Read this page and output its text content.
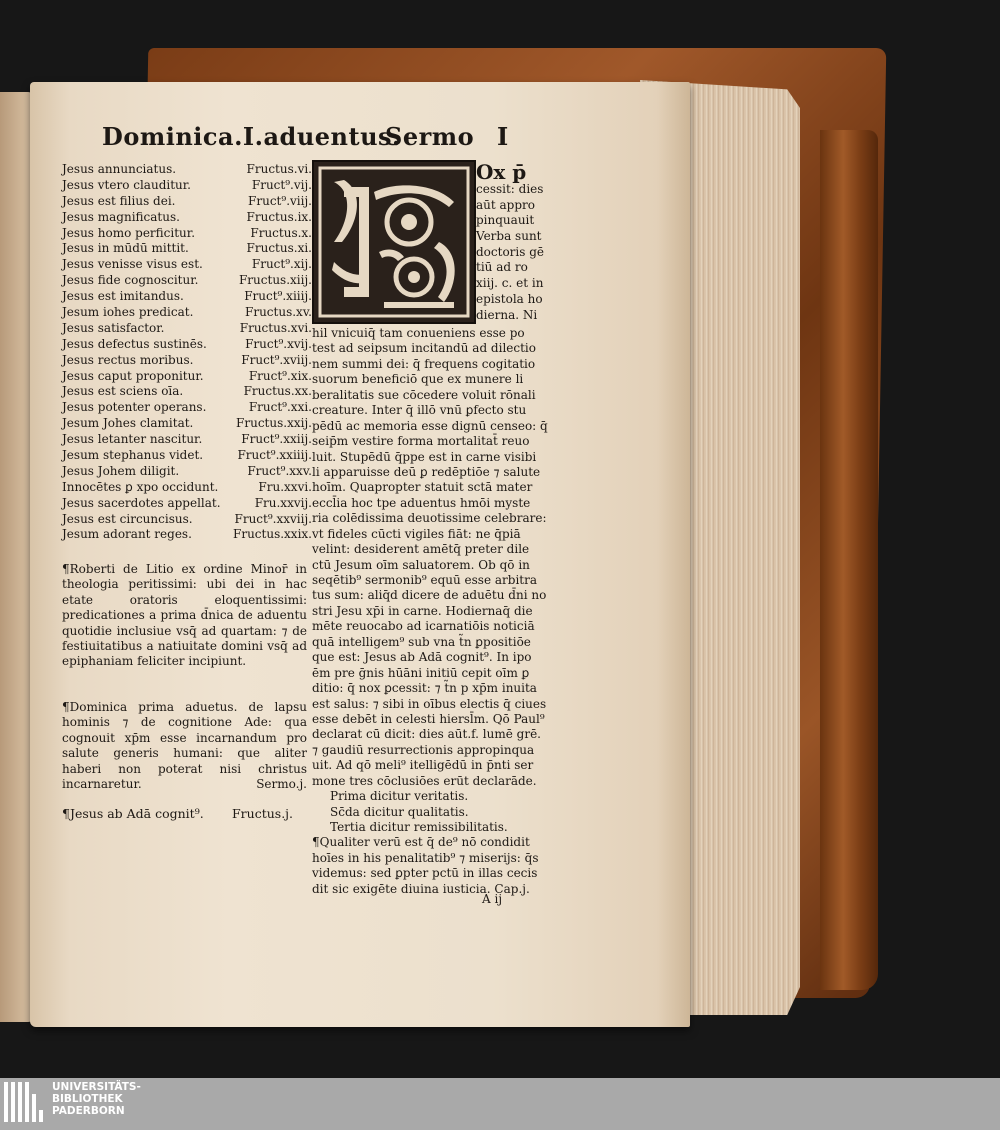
Dominica.I.aduentus.
Sermo I
Jesus annunciatus.	Fructus.vi.
Jesus vtero clauditur.	Fruct⁹.vij.
Jesus est filius dei.	Fruct⁹.viij.
Jesus magnificatus.	Fructus.ix.
Jesus homo perficitur.	Fructus.x.
Jesus in mūdū mittit.	Fructus.xi.
Jesus venisse visus est.	Fruct⁹.xij.
Jesus fide cognoscitur.	Fructus.xiij.
Jesus est imitandus.	Fruct⁹.xiiij.
Jesum iohes predicat.	Fructus.xv.
Jesus satisfactor.	Fructus.xvi.
Jesus defectus sustinēs.	Fruct⁹.xvij.
Jesus rectus moribus.	Fruct⁹.xviij.
Jesus caput proponitur.	Fruct⁹.xix.
Jesus est sciens oīa.	Fructus.xx.
Jesus potenter operans.	Fruct⁹.xxi.
Jesum Johes clamitat.	Fructus.xxij.
Jesus letanter nascitur.	Fruct⁹.xxiij.
Jesum stephanus videt.	Fruct⁹.xxiiij.
Jesus Johem diligit.	Fruct⁹.xxv.
Innocētes ꝑ xpo occidunt.	Fru.xxvi.
Jesus sacerdotes appellat.	Fru.xxvij.
Jesus est circuncisus.	Fruct⁹.xxviij.
Jesum adorant reges.	Fructus.xxix.
¶Roberti de Litio ex ordine Minor̄ in theologia peritissimi: ubi dei in hac etate oratoris eloquentissimi: predicationes a prima d̄nica de aduentu quotidie inclusiue vsq̄ ad quartam: ⁊ de festiuitatibus a natiuitate domini vsq̄ ad epiphaniam feliciter incipiunt.
¶Dominica prima aduetus. de lapsu hominis ⁊ de cognitione Ade: qua cognouit xp̄m esse incarnandum pro salute generis humani: que aliter haberi non poterat nisi christus incarnaretur.	Sermo.j.
¶Jesus ab Adā cognit⁹. Fructus.j.
Ox p̄
cessit: dies
aūt appro
pinquauit
Verba sunt
doctoris gē
tiū ad ro
xiij. c. et in
epistola ho
dierna. Ni
hil vnicuiq̄ tam conueniens esse po
test ad seipsum incitandū ad dilectio
nem summi dei: q̄ frequens cogitatio
suorum beneficiō que ex munere li
beralitatis sue cōcedere voluit rōnali
creature. Inter q̄ illō vnū ꝑfecto stu
pēdū ac memoria esse dignū censeo: q̄
seip̄m vestire forma mortalitat̄ reuo
luit. Stupēdū q̄ppe est in carne visibi
li apparuisse deū ꝑ redēptiōe ⁊ salute
hoīm. Quapropter statuit sctā mater
eccl̄ia hoc tpe aduentus hmōi myste
ria colēdissima deuotissime celebrare:
vt fideles cūcti vigiles fiāt: ne q̄piā
velint: desiderent amētq̄ preter dile
ctū Jesum oīm saluatorem. Ob qō in
seqētib⁹ sermonib⁹ equū esse arbitra
tus sum: aliq̄d dicere de aduētu d̄ni no
stri Jesu xp̄i in carne. Hodiernaq̄ die
mēte reuocabo ad icarnatiōis noticiā
quā intelligem⁹ sub vna t̃n ꝑpositiōe
que est: Jesus ab Adā cognit⁹. In ipo
ēm pre ḡnis hūāni initiū cepit oīm ꝑ
ditio: q̄ nox ꝑcessit: ⁊ t̃n p xp̄m inuita
est salus: ⁊ sibi in oībus electis q̄ ciues
esse debēt in celesti hiersl̄m. Qō Paul⁹
declarat cū dicit: dies aūt.f. lumē grē.
⁊ gaudiū resurrectionis appropinqua
uit. Ad qō meli⁹ itelligēdū in p̄nti ser
mone tres cōclusiōes erūt declarāde.
Prima dicitur veritatis.
Sc̄da dicitur qualitatis.
Tertia dicitur remissibilitatis.
¶Qualiter verū est q̄ de⁹ nō condidit
hoīes in his penalitatib⁹ ⁊ miserijs: q̄s
videmus: sed ꝑpter pctū in illas cecis
dit sic exigēte diuina iusticia. Cap.j.
A ij
UNIVERSITÄTS-
BIBLIOTHEK
PADERBORN
